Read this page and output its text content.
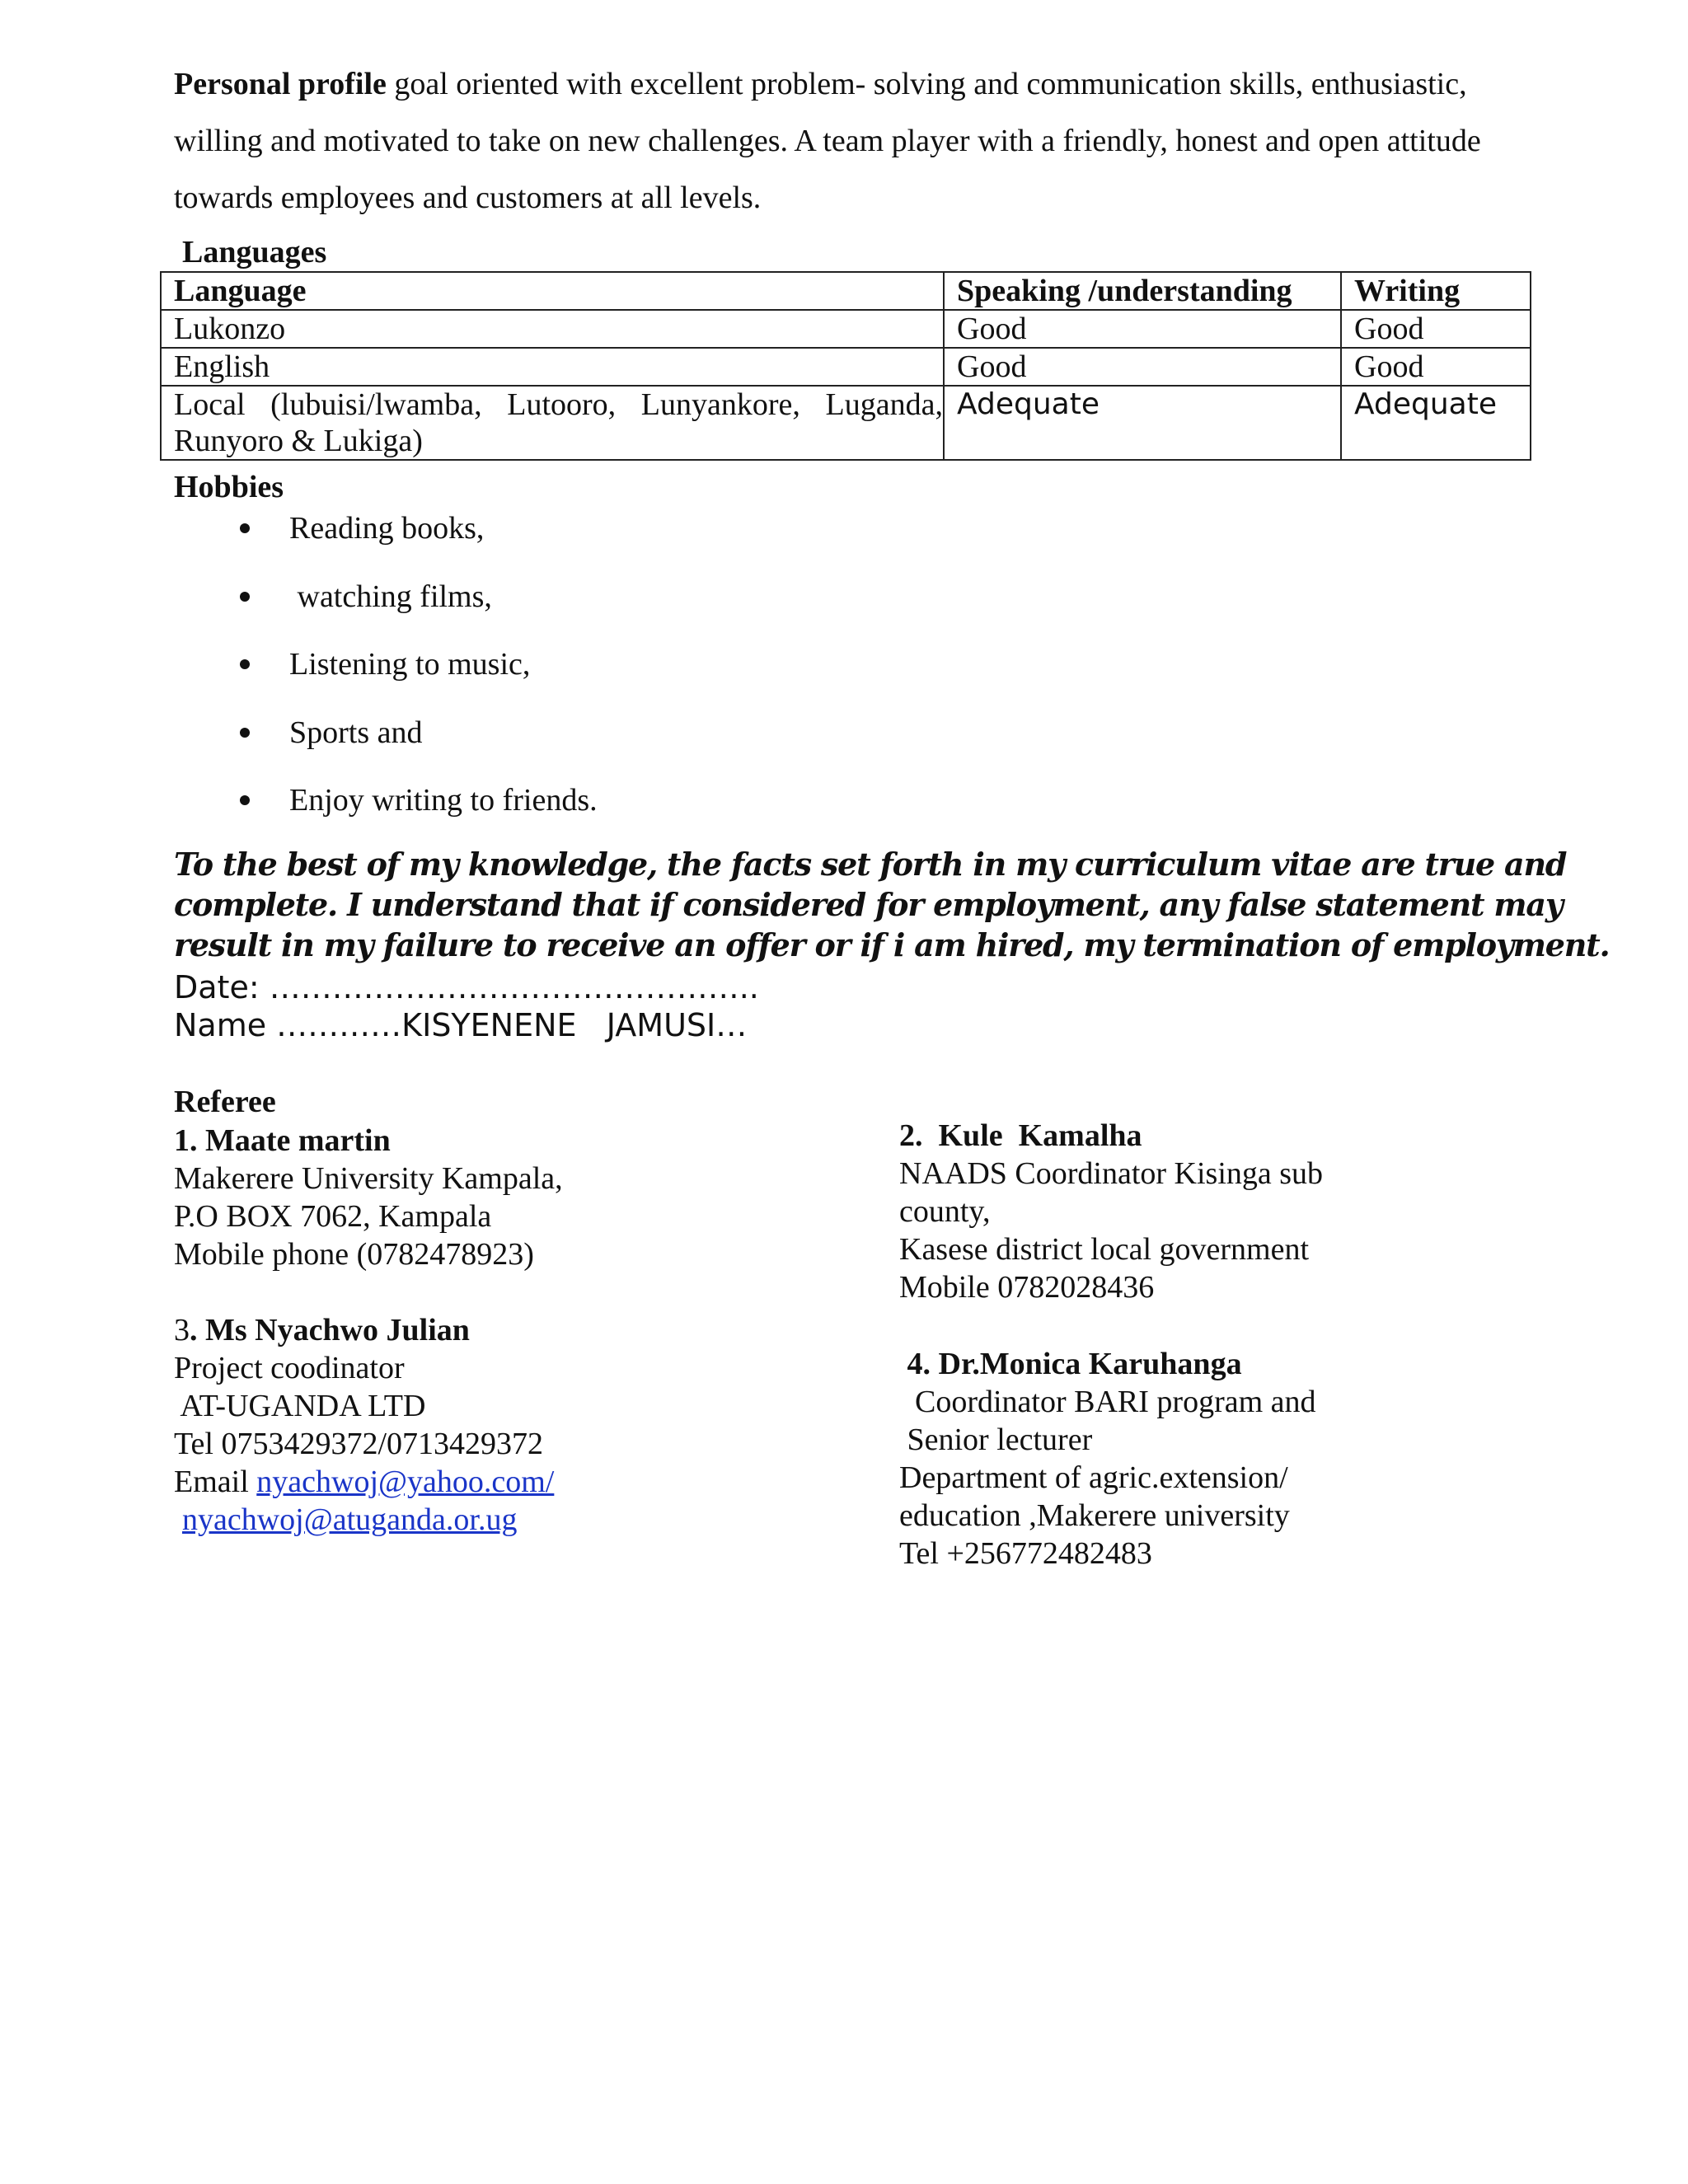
Personal profile goal oriented with excellent problem- solving and communication skills, enthusiastic, willing and motivated to take on new challenges. A team player with a friendly, honest and open attitude towards employees and customers at all levels.
Languages
Language	Speaking /understanding	Writing
Lukonzo	Good	Good
English	Good	Good

Local (lubuisi/lwamba, Lutooro, Lunyankore, Luganda,
Runyoro & Lukiga)	Adequate	Adequate
Hobbies
Reading books,
watching films,
Listening to music,
Sports and
Enjoy writing to friends.
To the best of my knowledge, the facts set forth in my curriculum vitae are true and
complete. I understand that if considered for employment, any false statement may
result in my failure to receive an offer or if i am hired, my termination of employment.
Date: ………………………………………..
Name …………KISYENENE   JAMUSI…
Referee
1. Maate martin
Makerere University Kampala,
P.O BOX 7062, Kampala
Mobile phone (0782478923)
2.  Kule  Kamalha
NAADS Coordinator Kisinga sub
county,
Kasese district local government
Mobile 0782028436
3. Ms Nyachwo Julian
Project coodinator
AT-UGANDA LTD
Tel 0753429372/0713429372
Email nyachwoj@yahoo.com/
nyachwoj@atuganda.or.ug
4. Dr.Monica Karuhanga
Coordinator BARI program and
Senior lecturer
Department of agric.extension/
education ,Makerere university
Tel +256772482483
